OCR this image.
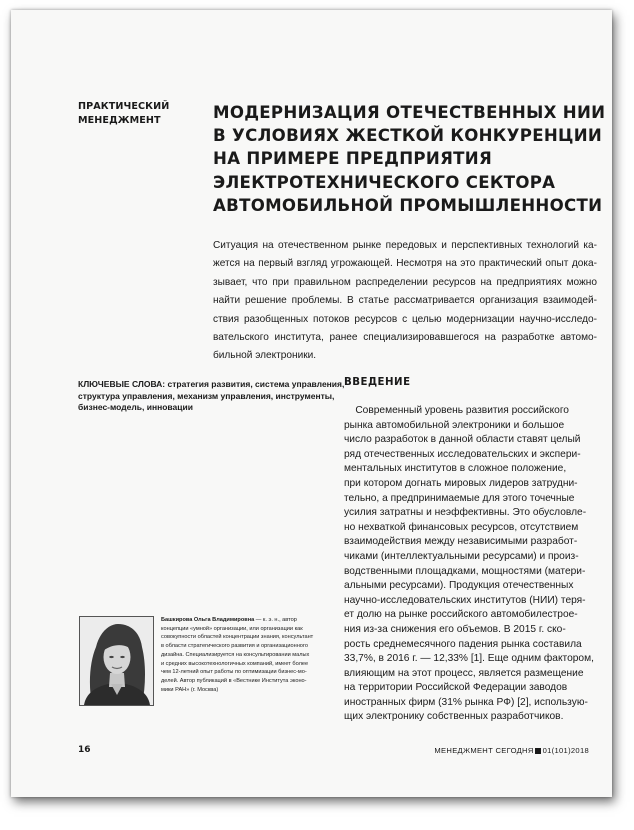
ПРАКТИЧЕСКИЙ
МЕНЕДЖМЕНТ	МОДЕРНИЗАЦИЯ ОТЕЧЕСТВЕННЫХ НИИ
В УСЛОВИЯХ ЖЕСТКОЙ КОНКУРЕНЦИИ
НА ПРИМЕРЕ ПРЕДПРИЯТИЯ
ЭЛЕКТРОТЕХНИЧЕСКОГО СЕКТОРА
АВТОМОБИЛЬНОЙ ПРОМЫШЛЕННОСТИ
Ситуация на отечественном рынке передовых и перспективных технологий ка-
жется на первый взгляд угрожающей. Несмотря на это практический опыт дока-
зывает, что при правильном распределении ресурсов на предприятиях можно
найти решение проблемы. В статье рассматривается организация взаимодей-
ствия разобщенных потоков ресурсов с целью модернизации научно-исследо-
вательского института, ранее специализировавшегося на разработке автомо-
бильной электроники.
КЛЮЧЕВЫЕ СЛОВА: стратегия развития, система управления,
структура управления, механизм управления, инструменты,
бизнес-модель, инновации
ВВЕДЕНИЕ
Современный уровень развития российского
рынка автомобильной электроники и большое
число разработок в данной области ставят целый
ряд отечественных исследовательских и экспери-
ментальных институтов в сложное положение,
при котором догнать мировых лидеров затрудни-
тельно, а предпринимаемые для этого точечные
усилия затратны и неэффективны. Это обусловле-
но нехваткой финансовых ресурсов, отсутствием
взаимодействия между независимыми разработ-
чиками (интеллектуальными ресурсами) и произ-
водственными площадками, мощностями (матери-
альными ресурсами). Продукция отечественных
научно-исследовательских институтов (НИИ) теря-
ет долю на рынке российского автомобилестрое-
ния из-за снижения его объемов. В 2015 г. ско-
рость среднемесячного падения рынка составила
33,7%, в 2016 г. — 12,33% [1]. Еще одним фактором,
влияющим на этот процесс, является размещение
на территории Российской Федерации заводов
иностранных фирм (31% рынка РФ) [2], использую-
щих электронику собственных разработчиков.
Башкирова Ольга Владимировна — к. э. н., автор
концепции «умной» организации, или организации как
совокупности областей концентрации знания, консультант
в области стратегического развития и организационного
дизайна. Специализируется на консультировании малых
и средних высокотехнологичных компаний, имеет более
чем 12-летний опыт работы по оптимизации бизнес-мо-
делей. Автор публикаций в «Вестнике Института эконо-
мики РАН» (г. Москва)
16	МЕНЕДЖМЕНТ СЕГОДНЯ 01(101)2018
